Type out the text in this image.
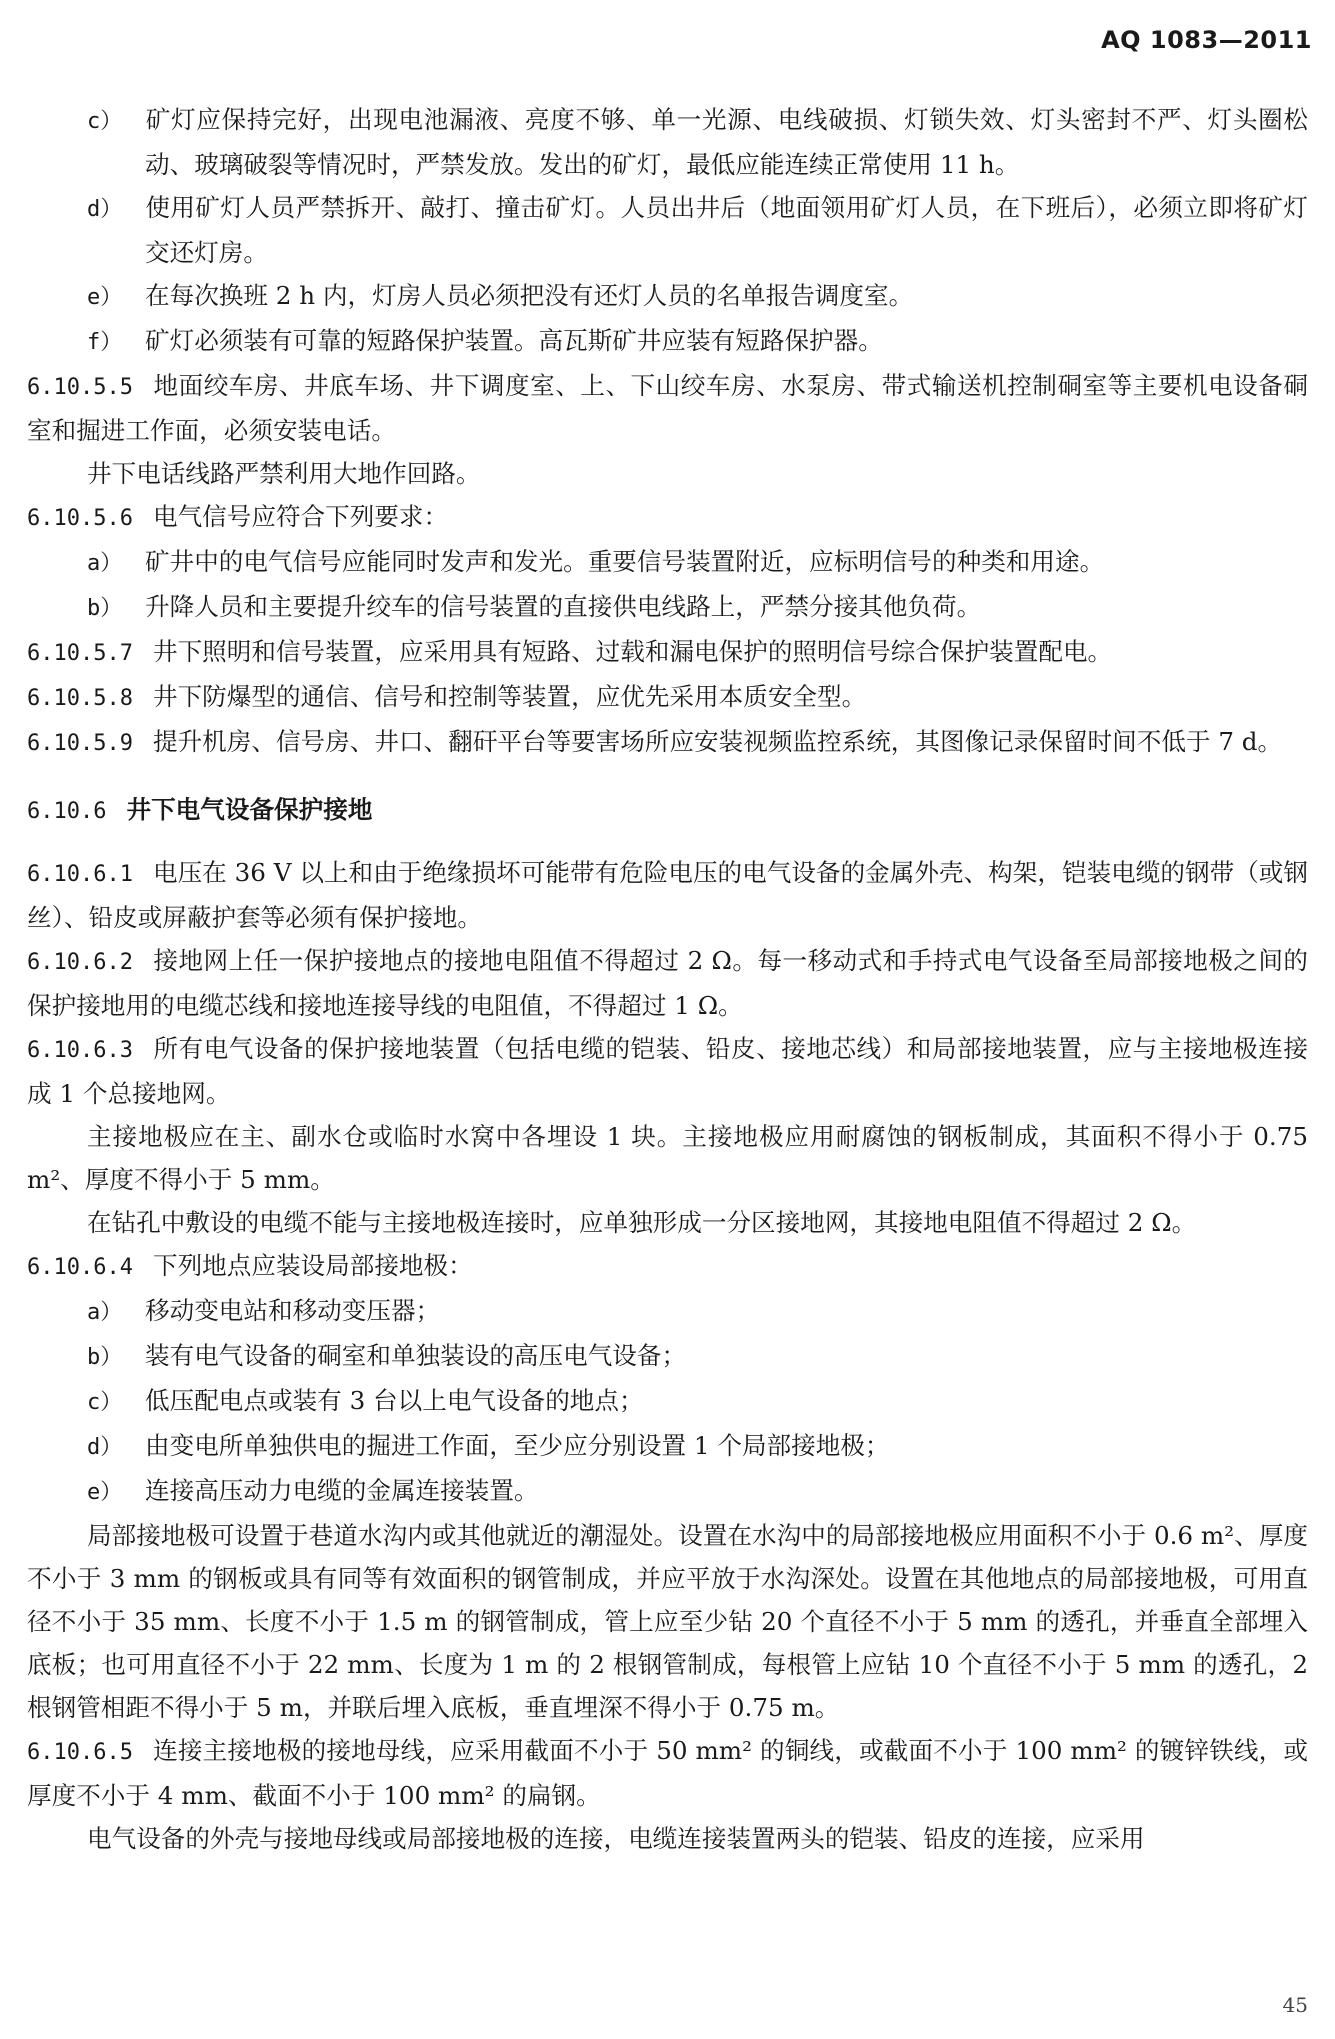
AQ 1083—2011

c） 矿灯应保持完好，出现电池漏液、亮度不够、单一光源、电线破损、灯锁失效、灯头密封不严、灯头圈松动、玻璃破裂等情况时，严禁发放。发出的矿灯，最低应能连续正常使用 11 h。

d） 使用矿灯人员严禁拆开、敲打、撞击矿灯。人员出井后（地面领用矿灯人员，在下班后），必须立即将矿灯交还灯房。

e） 在每次换班 2 h 内，灯房人员必须把没有还灯人员的名单报告调度室。

f） 矿灯必须装有可靠的短路保护装置。高瓦斯矿井应装有短路保护器。

6.10.5.5 地面绞车房、井底车场、井下调度室、上、下山绞车房、水泵房、带式输送机控制硐室等主要机电设备硐室和掘进工作面，必须安装电话。

井下电话线路严禁利用大地作回路。

6.10.5.6 电气信号应符合下列要求：

a） 矿井中的电气信号应能同时发声和发光。重要信号装置附近，应标明信号的种类和用途。

b） 升降人员和主要提升绞车的信号装置的直接供电线路上，严禁分接其他负荷。

6.10.5.7 井下照明和信号装置，应采用具有短路、过载和漏电保护的照明信号综合保护装置配电。

6.10.5.8 井下防爆型的通信、信号和控制等装置，应优先采用本质安全型。

6.10.5.9 提升机房、信号房、井口、翻矸平台等要害场所应安装视频监控系统，其图像记录保留时间不低于 7 d。

6.10.6 井下电气设备保护接地

6.10.6.1 电压在 36 V 以上和由于绝缘损坏可能带有危险电压的电气设备的金属外壳、构架，铠装电缆的钢带（或钢丝）、铅皮或屏蔽护套等必须有保护接地。

6.10.6.2 接地网上任一保护接地点的接地电阻值不得超过 2 Ω。每一移动式和手持式电气设备至局部接地极之间的保护接地用的电缆芯线和接地连接导线的电阻值，不得超过 1 Ω。

6.10.6.3 所有电气设备的保护接地装置（包括电缆的铠装、铅皮、接地芯线）和局部接地装置，应与主接地极连接成 1 个总接地网。

主接地极应在主、副水仓或临时水窝中各埋设 1 块。主接地极应用耐腐蚀的钢板制成，其面积不得小于 0.75 m²、厚度不得小于 5 mm。

在钻孔中敷设的电缆不能与主接地极连接时，应单独形成一分区接地网，其接地电阻值不得超过 2 Ω。

6.10.6.4 下列地点应装设局部接地极：

a） 移动变电站和移动变压器；

b） 装有电气设备的硐室和单独装设的高压电气设备；

c） 低压配电点或装有 3 台以上电气设备的地点；

d） 由变电所单独供电的掘进工作面，至少应分别设置 1 个局部接地极；

e） 连接高压动力电缆的金属连接装置。

局部接地极可设置于巷道水沟内或其他就近的潮湿处。设置在水沟中的局部接地极应用面积不小于 0.6 m²、厚度不小于 3 mm 的钢板或具有同等有效面积的钢管制成，并应平放于水沟深处。设置在其他地点的局部接地极，可用直径不小于 35 mm、长度不小于 1.5 m 的钢管制成，管上应至少钻 20 个直径不小于 5 mm 的透孔，并垂直全部埋入底板；也可用直径不小于 22 mm、长度为 1 m 的 2 根钢管制成，每根管上应钻 10 个直径不小于 5 mm 的透孔，2 根钢管相距不得小于 5 m，并联后埋入底板，垂直埋深不得小于 0.75 m。

6.10.6.5 连接主接地极的接地母线，应采用截面不小于 50 mm² 的铜线，或截面不小于 100 mm² 的镀锌铁线，或厚度不小于 4 mm、截面不小于 100 mm² 的扁钢。

电气设备的外壳与接地母线或局部接地极的连接，电缆连接装置两头的铠装、铅皮的连接，应采用

45
